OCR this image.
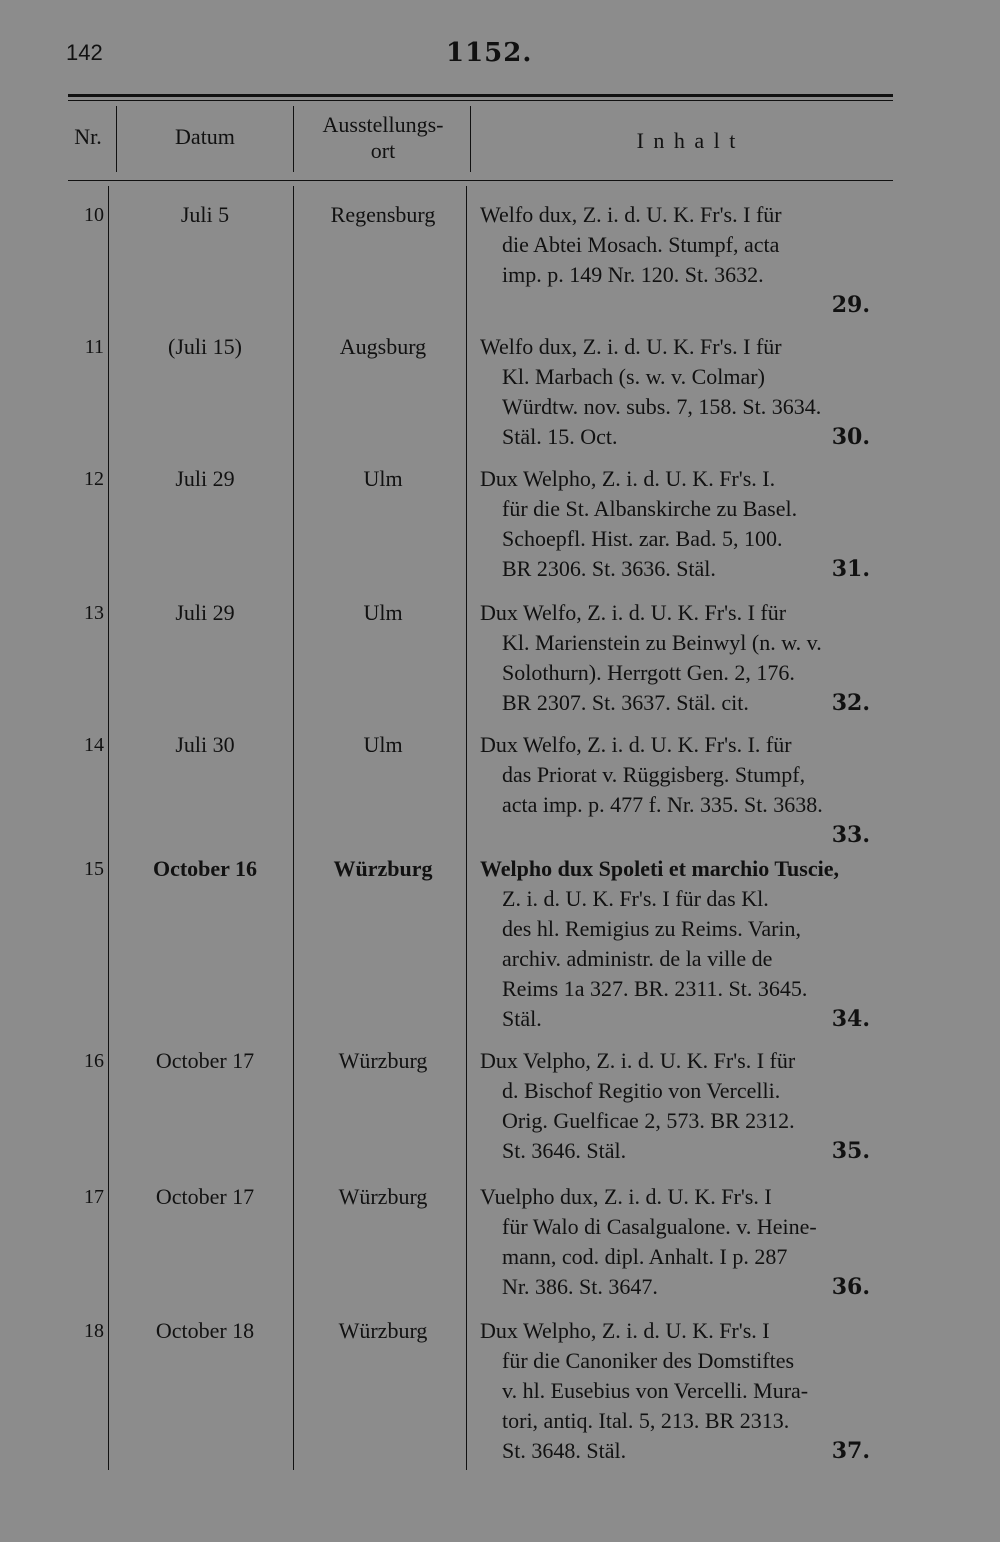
142	1152.
Nr.	Datum	Ausstellungs-
ort	I n h a l t
10	Juli 5	Regensburg	Welfo dux, Z. i. d. U. K. Fr's. I für
die Abtei Mosach. Stumpf, acta
imp. p. 149 Nr. 120. St. 3632.
29.
11	(Juli 15)	Augsburg	Welfo dux, Z. i. d. U. K. Fr's. I für
Kl. Marbach (s. w. v. Colmar)
Würdtw. nov. subs. 7, 158. St. 3634.
Stäl. 15. Oct.	30.
12	Juli 29	Ulm	Dux Welpho, Z. i. d. U. K. Fr's. I.
für die St. Albanskirche zu Basel.
Schoepfl. Hist. zar. Bad. 5, 100.
BR 2306. St. 3636. Stäl.	31.
13	Juli 29	Ulm	Dux Welfo, Z. i. d. U. K. Fr's. I für
Kl. Marienstein zu Beinwyl (n. w. v.
Solothurn). Herrgott Gen. 2, 176.
BR 2307. St. 3637. Stäl. cit.	32.
14	Juli 30	Ulm	Dux Welfo, Z. i. d. U. K. Fr's. I. für
das Priorat v. Rüggisberg. Stumpf,
acta imp. p. 477 f. Nr. 335. St. 3638.
33.
15	October 16	Würzburg	Welpho dux Spoleti et marchio Tuscie,
Z. i. d. U. K. Fr's. I für das Kl.
des hl. Remigius zu Reims. Varin,
archiv. administr. de la ville de
Reims 1a 327. BR. 2311. St. 3645.
Stäl.	34.
16	October 17	Würzburg	Dux Velpho, Z. i. d. U. K. Fr's. I für
d. Bischof Regitio von Vercelli.
Orig. Guelficae 2, 573. BR 2312.
St. 3646. Stäl.	35.
17	October 17	Würzburg	Vuelpho dux, Z. i. d. U. K. Fr's. I
für Walo di Casalgualone. v. Heine-
mann, cod. dipl. Anhalt. I p. 287
Nr. 386. St. 3647.	36.
18	October 18	Würzburg	Dux Welpho, Z. i. d. U. K. Fr's. I
für die Canoniker des Domstiftes
v. hl. Eusebius von Vercelli. Mura-
tori, antiq. Ital. 5, 213. BR 2313.
St. 3648. Stäl.	37.
